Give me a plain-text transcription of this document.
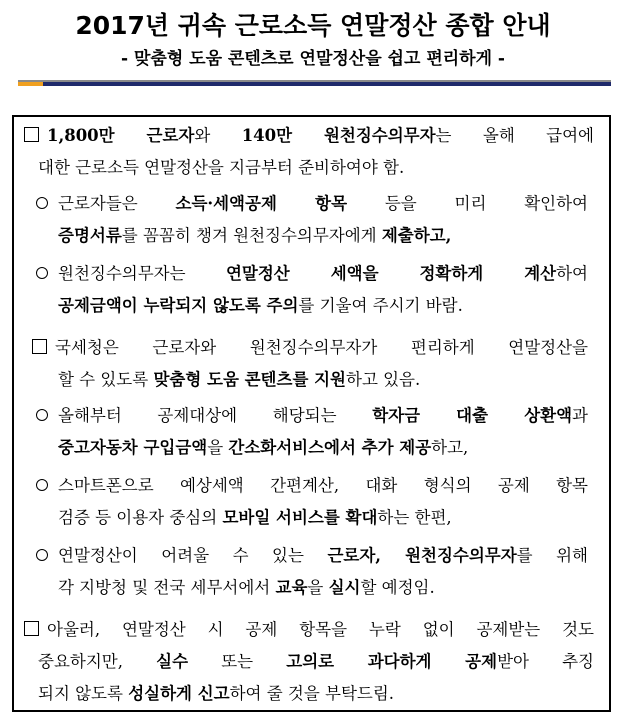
2017년 귀속 근로소득 연말정산 종합 안내
- 맞춤형 도움 콘텐츠로 연말정산을 쉽고 편리하게 -
1,800만 근로자와 140만 원천징수의무자는 올해 급여에
대한 근로소득 연말정산을 지금부터 준비하여야 함.
근로자들은 소득·세액공제 항목 등을 미리 확인하여
증명서류를 꼼꼼히 챙겨 원천징수의무자에게 제출하고,
원천징수의무자는 연말정산 세액을 정확하게 계산하여
공제금액이 누락되지 않도록 주의를 기울여 주시기 바람.
국세청은 근로자와 원천징수의무자가 편리하게 연말정산을
할 수 있도록 맞춤형 도움 콘텐츠를 지원하고 있음.
올해부터 공제대상에 해당되는 학자금 대출 상환액과
중고자동차 구입금액을 간소화서비스에서 추가 제공하고,
스마트폰으로 예상세액 간편계산, 대화 형식의 공제 항목
검증 등 이용자 중심의 모바일 서비스를 확대하는 한편,
연말정산이 어려울 수 있는 근로자, 원천징수의무자를 위해
각 지방청 및 전국 세무서에서 교육을 실시할 예정임.
아울러, 연말정산 시 공제 항목을 누락 없이 공제받는 것도
중요하지만, 실수 또는 고의로 과다하게 공제받아 추징
되지 않도록 성실하게 신고하여 줄 것을 부탁드림.
